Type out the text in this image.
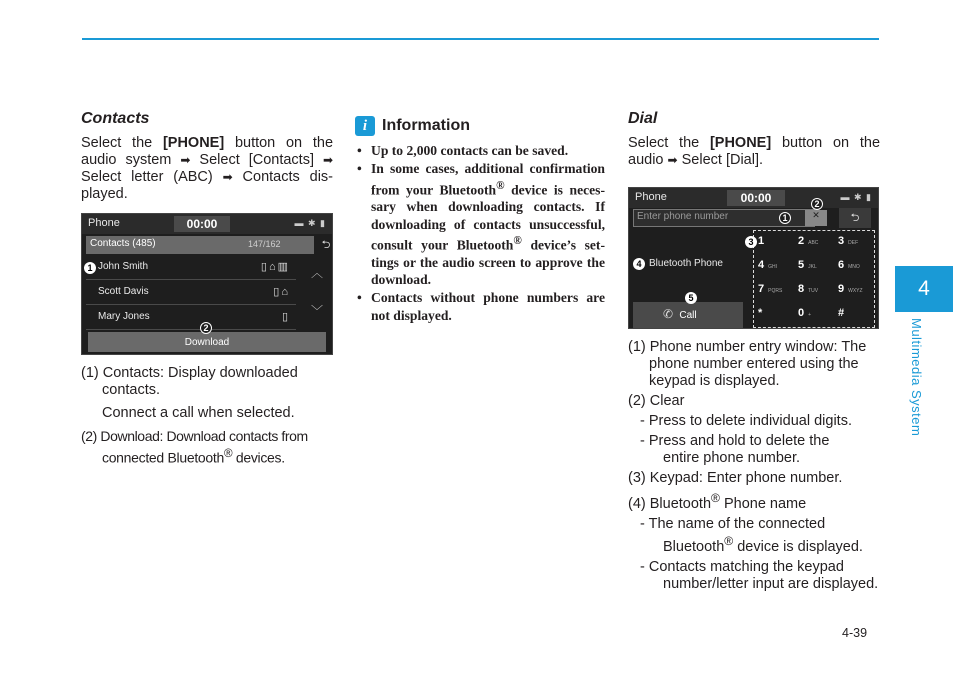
Contacts

Select the [PHONE] button on the audio system ➡ Select [Contacts] ➡ Select letter (ABC) ➡ Contacts dis-played.

Phone	00:00	▬ ✱ ▮
Contacts (485)	147/162	⮌
John Smith	▯⌂▥
Scott Davis	▯⌂
Mary Jones	▯
︿
﹀
Download
1
2
(1) Contacts: Display downloaded
contacts.
Connect a call when selected.
(2) Download: Download contacts from
connected Bluetooth® devices.
i Information
• Up to 2,000 contacts can be saved.
• In some cases, additional confirmation from your Bluetooth® device is neces-sary when downloading contacts. If downloading of contacts unsuccessful, consult your Bluetooth® device’s set-tings or the audio screen to approve the download.
• Contacts without phone numbers are not displayed.
Dial

Select the [PHONE] button on the audio ➡ Select [Dial].

Phone	00:00	▬ ✱ ▮
Enter phone number	✕	⮌
Bluetooth Phone
Call
✆
1	2 ABC	3 DEF
4 GHI	5 JKL	6 MNO
7 PQRS	8 TUV	9 WXYZ
*	0 +	#
1
2
3
4
5
(1) Phone number entry window: The
phone number entered using the keypad is displayed.
(2) Clear
- Press to delete individual digits.
- Press and hold to delete the
entire phone number.
(3) Keypad: Enter phone number.
(4) Bluetooth® Phone name
- The name of the connected
Bluetooth® device is displayed.
- Contacts matching the keypad
number/letter input are displayed.
4
Multimedia System
4-39
